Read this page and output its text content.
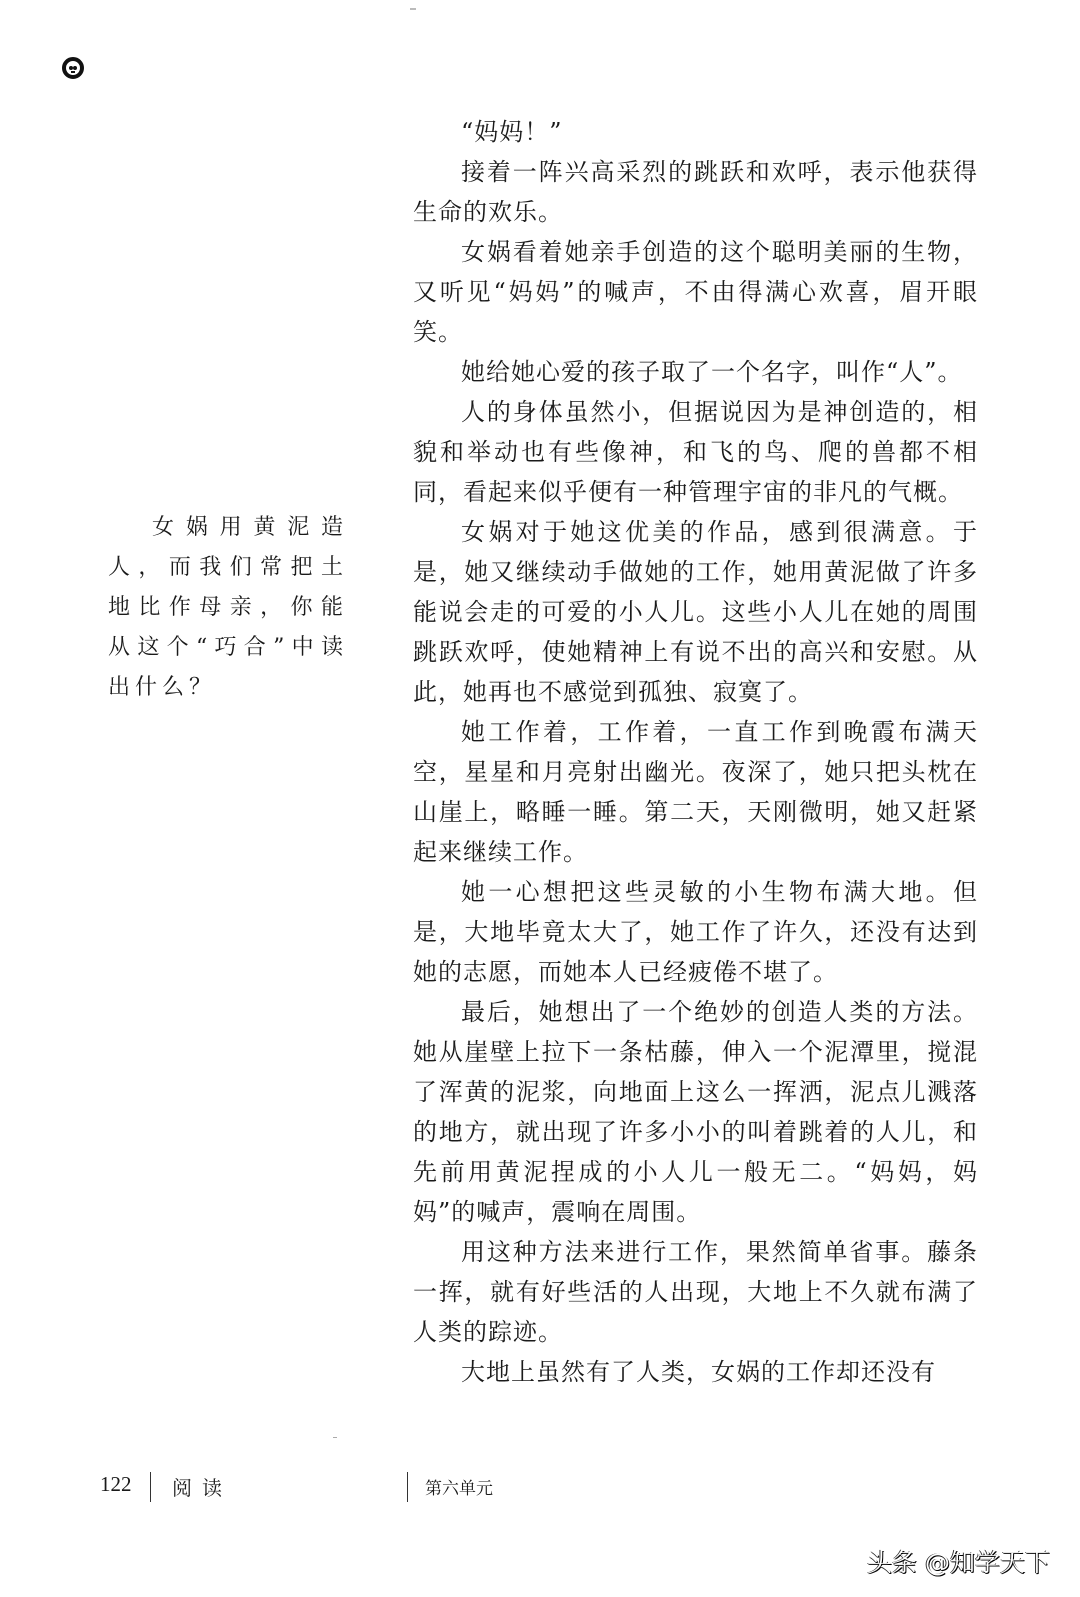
“妈妈！”

接着一阵兴高采烈的跳跃和欢呼，表示他获得生命的欢乐。

女娲看着她亲手创造的这个聪明美丽的生物，又听见“妈妈”的喊声，不由得满心欢喜，眉开眼笑。

她给她心爱的孩子取了一个名字，叫作“人”。

人的身体虽然小，但据说因为是神创造的，相貌和举动也有些像神，和飞的鸟、爬的兽都不相同，看起来似乎便有一种管理宇宙的非凡的气概。

女娲对于她这优美的作品，感到很满意。于是，她又继续动手做她的工作，她用黄泥做了许多能说会走的可爱的小人儿。这些小人儿在她的周围跳跃欢呼，使她精神上有说不出的高兴和安慰。从此，她再也不感觉到孤独、寂寞了。

她工作着，工作着，一直工作到晚霞布满天空，星星和月亮射出幽光。夜深了，她只把头枕在山崖上，略睡一睡。第二天，天刚微明，她又赶紧起来继续工作。

她一心想把这些灵敏的小生物布满大地。但是，大地毕竟太大了，她工作了许久，还没有达到她的志愿，而她本人已经疲倦不堪了。

最后，她想出了一个绝妙的创造人类的方法。她从崖壁上拉下一条枯藤，伸入一个泥潭里，搅混了浑黄的泥浆，向地面上这么一挥洒，泥点儿溅落的地方，就出现了许多小小的叫着跳着的人儿，和先前用黄泥捏成的小人儿一般无二。“妈妈，妈妈”的喊声，震响在周围。

用这种方法来进行工作，果然简单省事。藤条一挥，就有好些活的人出现，大地上不久就布满了人类的踪迹。

大地上虽然有了人类，女娲的工作却还没有

女娲用黄泥造人，而我们常把土地比作母亲，你能从这个“巧合”中读出什么？
122 阅读	第六单元
头条 @知学天下
